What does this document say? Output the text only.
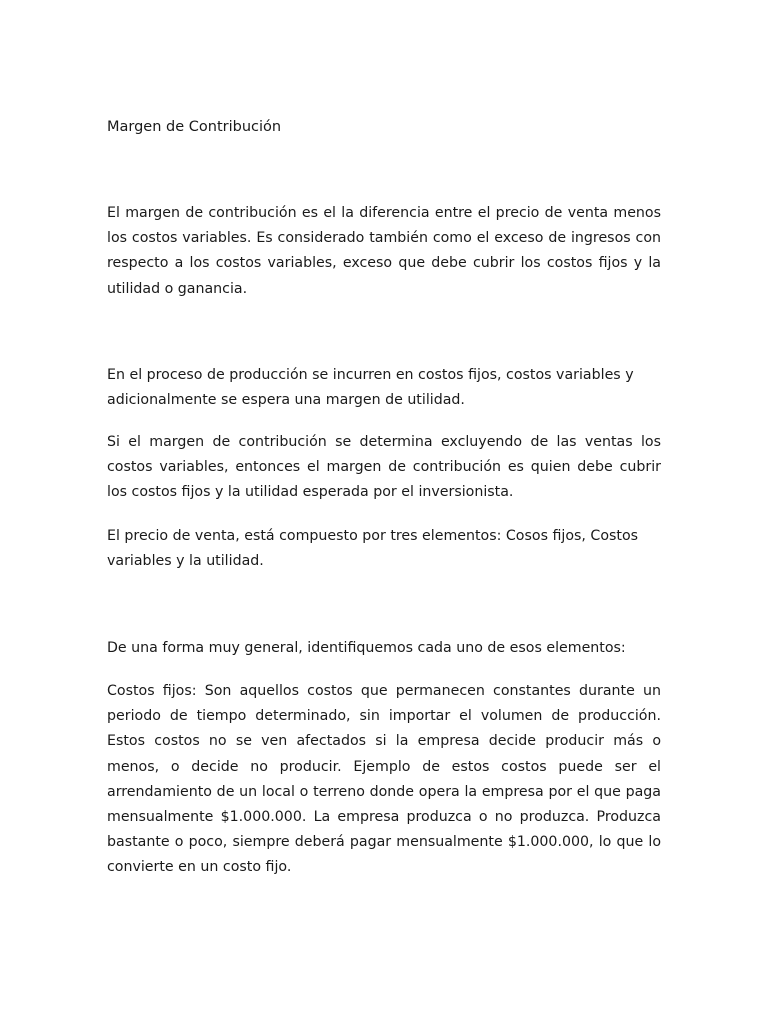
Margen de Contribución

El margen de contribución es el la diferencia entre el precio de venta menos los costos variables. Es considerado también como el exceso de ingresos con respecto a los costos variables, exceso que debe cubrir los costos fijos y la utilidad o ganancia.

En el proceso de producción se incurren en costos fijos, costos variables y adicionalmente se espera una margen de utilidad.

Si el margen de contribución se determina excluyendo de las ventas los costos variables, entonces el margen de contribución es quien debe cubrir los costos fijos y la utilidad esperada por el inversionista.

El precio de venta, está compuesto por tres elementos: Cosos fijos, Costos variables y la utilidad.

De una forma muy general, identifiquemos cada uno de esos elementos:

Costos fijos: Son aquellos costos que permanecen constantes durante un periodo de tiempo determinado, sin importar el volumen de producción. Estos costos no se ven afectados si la empresa decide producir más o menos, o decide no producir. Ejemplo de estos costos puede ser el arrendamiento de un local o terreno donde opera la empresa por el que paga mensualmente $1.000.000. La empresa produzca o no produzca. Produzca bastante o poco, siempre deberá pagar mensualmente $1.000.000, lo que lo convierte en un costo fijo.
